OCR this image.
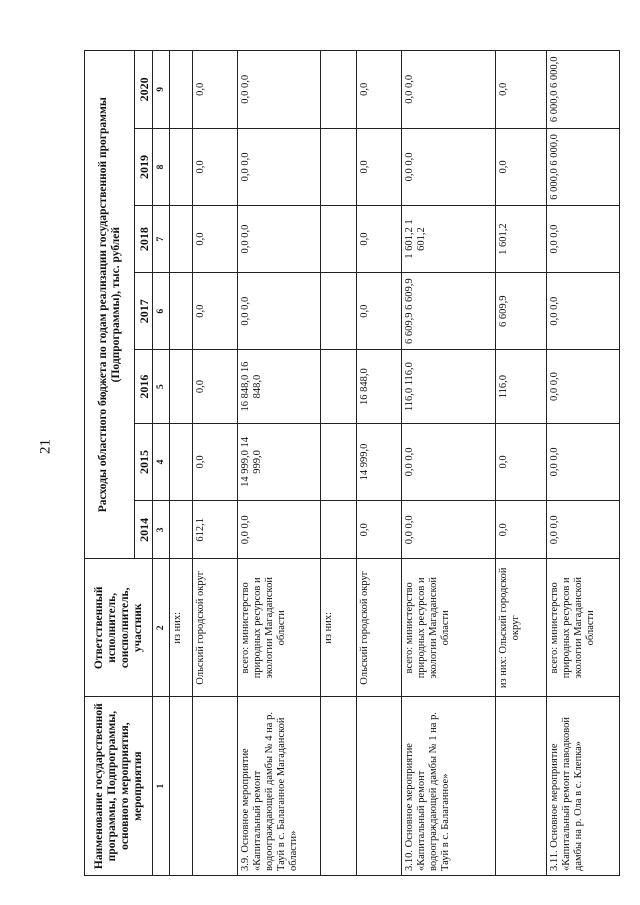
21
Наименование государственной программы, Подпрограммы, основного мероприятия, мероприятия	Ответственный исполнитель, соисполнитель, участник	Расходы областного бюджета по годам реализации государственной программы (Подпрограммы), тыс. рублей						
		2014	2015	2016	2017	2018	2019	2020
1	2	3	4	5	6	7	8	9
	из них:							
	Ольский городской округ	612,1	0,0	0,0	0,0	0,0	0,0	0,0
3.9. Основное мероприятие «Капитальный ремонт водоограждающей дамбы № 4 на р. Тауй в с. Балаганное Магаданской области»	всего: министерство природных ресурсов и экологии Магаданской области	0,0 0,0	14 999,0 14 999,0	16 848,0 16 848,0	0,0 0,0	0,0 0,0	0,0 0,0	0,0 0,0
	из них:							
	Ольский городской округ	0,0	14 999,0	16 848,0	0,0	0,0	0,0	0,0
3.10. Основное мероприятие «Капитальный ремонт водоограждающей дамбы № 1 на р. Тауй в с. Балаганное»	всего: министерство природных ресурсов и экологии Магаданской области	0,0 0,0	0,0 0,0	116,0 116,0	6 609,9 6 609,9	1 601,2 1 601,2	0,0 0,0	0,0 0,0
	из них: Ольский городской округ	0,0	0,0	116,0	6 609,9	1 601,2	0,0	0,0
3.11. Основное мероприятие «Капитальный ремонт паводковой дамбы на р. Ола в с. Клепка»	всего: министерство природных ресурсов и экологии Магаданской области	0,0 0,0	0,0 0,0	0,0 0,0	0,0 0,0	0,0 0,0	6 000,0 6 000,0	6 000,0 6 000,0
